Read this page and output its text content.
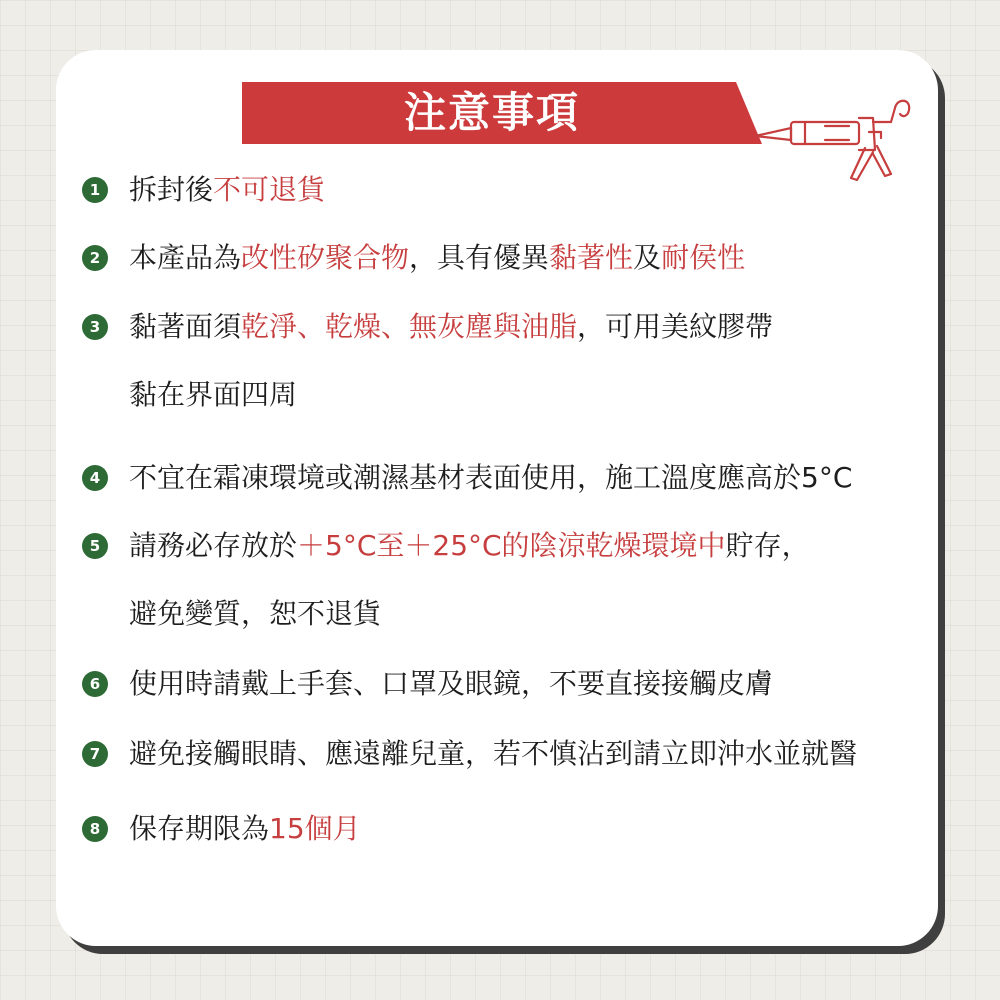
注意事項
1 拆封後不可退貨
2 本產品為改性矽聚合物，具有優異黏著性及耐侯性
3 黏著面須乾淨、乾燥、無灰塵與油脂，可用美紋膠帶
黏在界面四周
4 不宜在霜凍環境或潮濕基材表面使用，施工溫度應高於5°C
5 請務必存放於＋5°C至＋25°C的陰涼乾燥環境中貯存，
避免變質，恕不退貨
6 使用時請戴上手套、口罩及眼鏡，不要直接接觸皮膚
7 避免接觸眼睛、應遠離兒童，若不慎沾到請立即沖水並就醫
8 保存期限為15個月
